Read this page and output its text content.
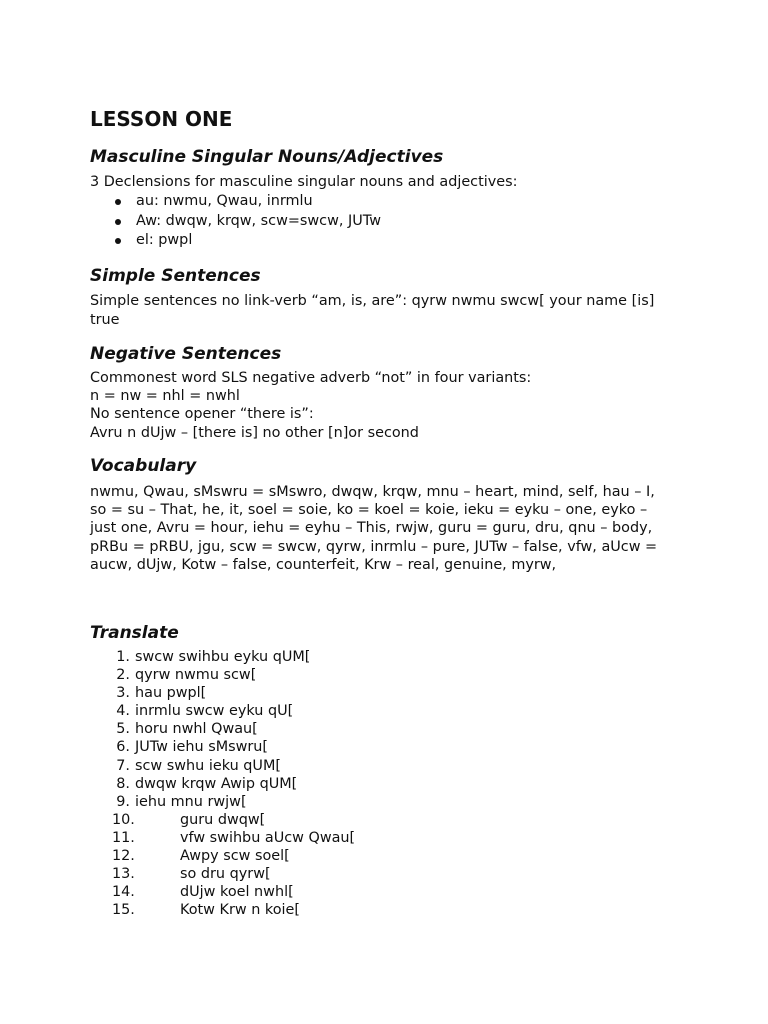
LESSON ONE
Masculine Singular Nouns/Adjectives

3 Declensions for masculine singular nouns and adjectives:

au: nwmu, Qwau, inrmlu
Aw: dwqw, krqw, scw=swcw, JUTw
el: pwpl
Simple Sentences

Simple sentences no link-verb “am, is, are”: qyrw nwmu swcw[ your name [is] true

Negative Sentences
Commonest word SLS negative adverb “not” in four variants:
n = nw = nhl = nwhl
No sentence opener “there is”:
Avru n dUjw – [there is] no other [n]or second
Vocabulary

nwmu, Qwau, sMswru = sMswro, dwqw, krqw, mnu – heart, mind, self, hau – I, so = su – That, he, it, soel = soie, ko = koel = koie, ieku = eyku – one, eyko – just one, Avru = hour, iehu = eyhu – This, rwjw, guru = guru, dru, qnu – body, pRBu = pRBU, jgu, scw = swcw, qyrw, inrmlu – pure, JUTw – false, vfw, aUcw = aucw, dUjw, Kotw – false, counterfeit, Krw – real, genuine, myrw,

Translate
1. swcw swihbu eyku qUM[
2. qyrw nwmu scw[
3. hau pwpl[
4. inrmlu swcw eyku qU[
5. horu nwhl Qwau[
6. JUTw iehu sMswru[
7. scw swhu ieku qUM[
8. dwqw krqw Awip qUM[
9. iehu mnu rwjw[
10.	guru dwqw[
11.	vfw swihbu aUcw Qwau[
12.	Awpy scw soel[
13.	so dru qyrw[
14.	dUjw koel nwhl[
15.	Kotw Krw n koie[
